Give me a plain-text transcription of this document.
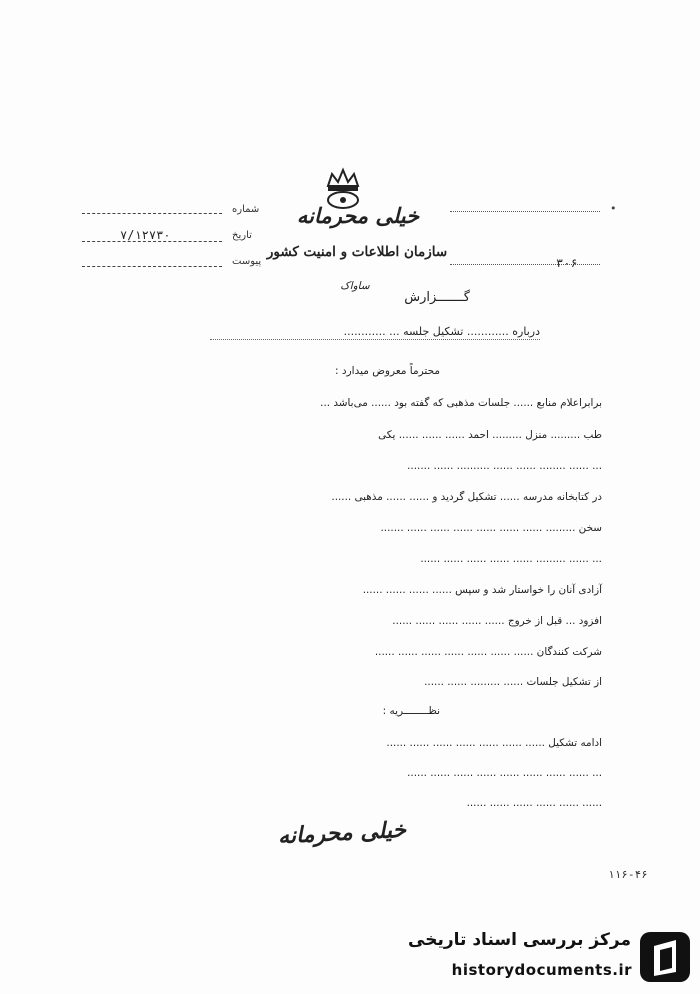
خیلی محرمانه
سازمان اطلاعات و امنیت کشور
ساواک
شماره
تاریخ
۷/۱۲۷۳۰
پیوست
•
۳۰۶
گـــــــزارش
درباره ............ تشکیل جلسه ... ............
محترماً معروض میدارد :
برابراعلام منابع ...... جلسات مذهبی که گفته بود ...... می‌باشد ...
طب ......... منزل ......... احمد ...... ...... ...... یکی
... ...... ........ ...... ...... .......... ...... .......
در کتابخانه مدرسه ...... تشکیل گردید و ...... ...... مذهبی ......
سخن ......... ...... ...... ...... ...... ...... ...... .......
... ...... ......... ...... ...... ...... ...... ......
آزادی آنان را خواستار شد و سپس ...... ...... ...... ......
افزود ... قبل از خروج ...... ...... ...... ...... ......
شرکت کنندگان ...... ...... ...... ...... ...... ...... ......
از تشکیل جلسات ...... ......... ...... ......
نظــــــــریه :
ادامه تشکیل ...... ...... ...... ...... ...... ...... ......
... ...... ...... ...... ...... ...... ...... ...... ......
...... ...... ...... ...... ...... ......
خیلی محرمانه
۱۱۶-۴۶
مرکز بررسی اسناد تاریخی
historydocuments.ir
